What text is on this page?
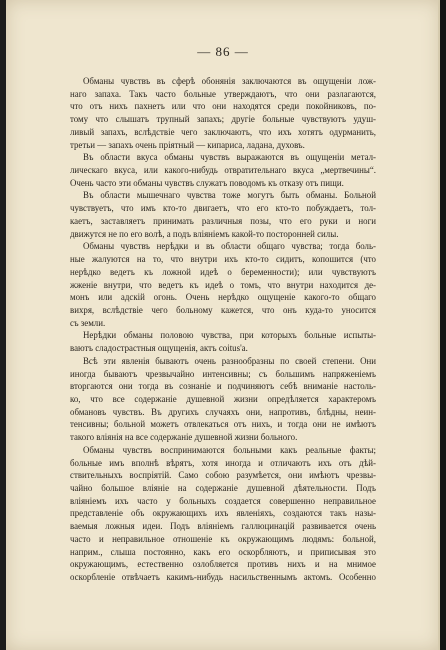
— 86 —
Обманы чувствъ въ сферѣ обонянія заключаются въ ощущеніи лож-
наго запаха. Такъ часто больные утверждаютъ, что они разлагаются,
что отъ нихъ пахнетъ или что они находятся среди покойниковъ, по-
тому что слышатъ трупный запахъ; другіе больные чувствуютъ удуш-
ливый запахъ, вслѣдствіе чего заключаютъ, что ихъ хотятъ одурманить,
третьи — запахъ очень пріятный — кипариса, ладана, духовъ.
Въ области вкуса обманы чувствъ выражаются въ ощущеніи метал-
лическаго вкуса, или какого-нибудь отвратительнаго вкуса „мертвечины“.
Очень часто эти обманы чувствъ служатъ поводомъ къ отказу отъ пищи.
Въ области мышечнаго чувства тоже могутъ быть обманы. Больной
чувствуетъ, что имъ кто-то двигаетъ, что его кто-то побуждаетъ, тол-
каетъ, заставляетъ принимать различныя позы, что его руки и ноги
движутся не по его волѣ, а подъ вліяніемъ какой-то посторонней силы.
Обманы чувствъ нерѣдки и въ области общаго чувства; тогда боль-
ные жалуются на то, что внутри ихъ кто-то сидитъ, копошится (что
нерѣдко ведетъ къ ложной идеѣ о беременности); или чувствуютъ
жженіе внутри, что ведетъ къ идеѣ о томъ, что внутри находится де-
монъ или адскій огонь. Очень нерѣдко ощущеніе какого-то общаго
вихря, вслѣдствіе чего больному кажется, что онъ куда-то уносится
съ земли.
Нерѣдки обманы половою чувства, при которыхъ больные испыты-
ваютъ сладострастныя ощущенія, актъ coitus'а.
Всѣ эти явленія бываютъ очень разнообразны по своей степени. Они
иногда бываютъ чрезвычайно интенсивны; съ большимъ напряженіемъ
вторгаются они тогда въ сознаніе и подчиняютъ себѣ вниманіе настоль-
ко, что все содержаніе душевной жизни опредѣляется характеромъ
обмановъ чувствъ. Въ другихъ случаяхъ они, напротивъ, блѣдны, неин-
тенсивны; больной можетъ отвлекаться отъ нихъ, и тогда они не имѣютъ
такого вліянія на все содержаніе душевной жизни больного.
Обманы чувствъ воспринимаются больными какъ реальные факты;
больные имъ вполнѣ вѣрятъ, хотя иногда и отличаютъ ихъ отъ дѣй-
ствительныхъ воспріятій. Само собою разумѣется, они имѣютъ чрезвы-
чайно большое вліяніе на содержаніе душевной дѣятельности. Подъ
вліяніемъ ихъ часто у больныхъ создается совершенно неправильное
представленіе объ окружающихъ ихъ явленіяхъ, создаются такъ назы-
ваемыя ложныя идеи. Подъ вліяніемъ галлюцинацій развивается очень
часто и неправильное отношеніе къ окружающимъ людямъ: больной,
наприм., слыша постоянно, какъ его оскорбляютъ, и приписывая это
окружающимъ, естественно озлобляется противъ нихъ и на мнимое
оскорбленіе отвѣчаетъ какимъ-нибудь насильственнымъ актомъ. Особенно
